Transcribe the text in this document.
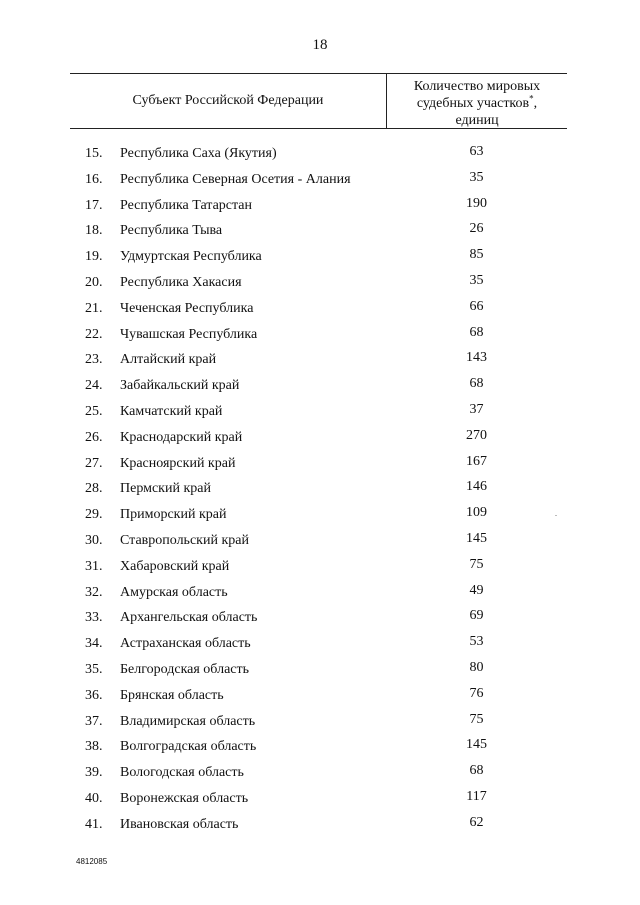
18
Субъект Российской Федерации
Количество мировых
судебных участков*,
единиц
15. Республика Саха (Якутия)	63
16. Республика Северная Осетия - Алания	35
17. Республика Татарстан	190
18. Республика Тыва	26
19. Удмуртская Республика	85
20. Республика Хакасия	35
21. Чеченская Республика	66
22. Чувашская Республика	68
23. Алтайский край	143
24. Забайкальский край	68
25. Камчатский край	37
26. Краснодарский край	270
27. Красноярский край	167
28. Пермский край	146
29. Приморский край	109
30. Ставропольский край	145
31. Хабаровский край	75
32. Амурская область	49
33. Архангельская область	69
34. Астраханская область	53
35. Белгородская область	80
36. Брянская область	76
37. Владимирская область	75
38. Волгоградская область	145
39. Вологодская область	68
40. Воронежская область	117
41. Ивановская область	62
4812085
